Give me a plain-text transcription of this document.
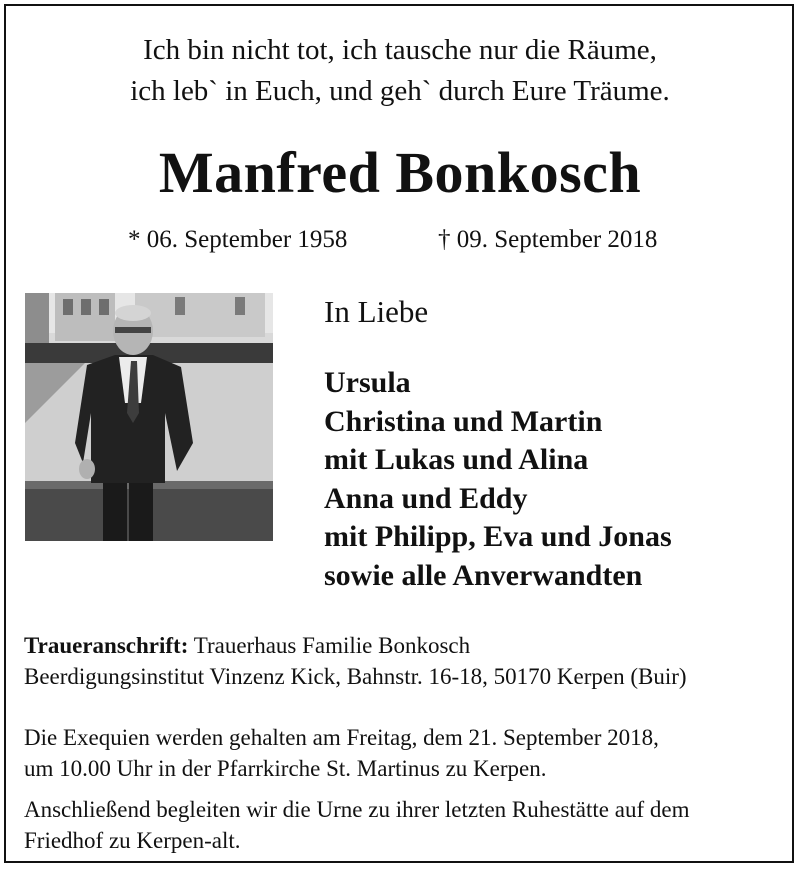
Ich bin nicht tot, ich tausche nur die Räume,
ich leb` in Euch, und geh` durch Eure Träume.
Manfred Bonkosch
* 06. September 1958	† 09. September 2018
In Liebe
Ursula
Christina und Martin
mit Lukas und Alina
Anna und Eddy
mit Philipp, Eva und Jonas
sowie alle Anverwandten
Traueranschrift: Trauerhaus Familie Bonkosch
Beerdigungsinstitut Vinzenz Kick, Bahnstr. 16-18, 50170 Kerpen (Buir)
Die Exequien werden gehalten am Freitag, dem 21. September 2018,
um 10.00 Uhr in der Pfarrkirche St. Martinus zu Kerpen.
Anschließend begleiten wir die Urne zu ihrer letzten Ruhestätte auf dem
Friedhof zu Kerpen-alt.
